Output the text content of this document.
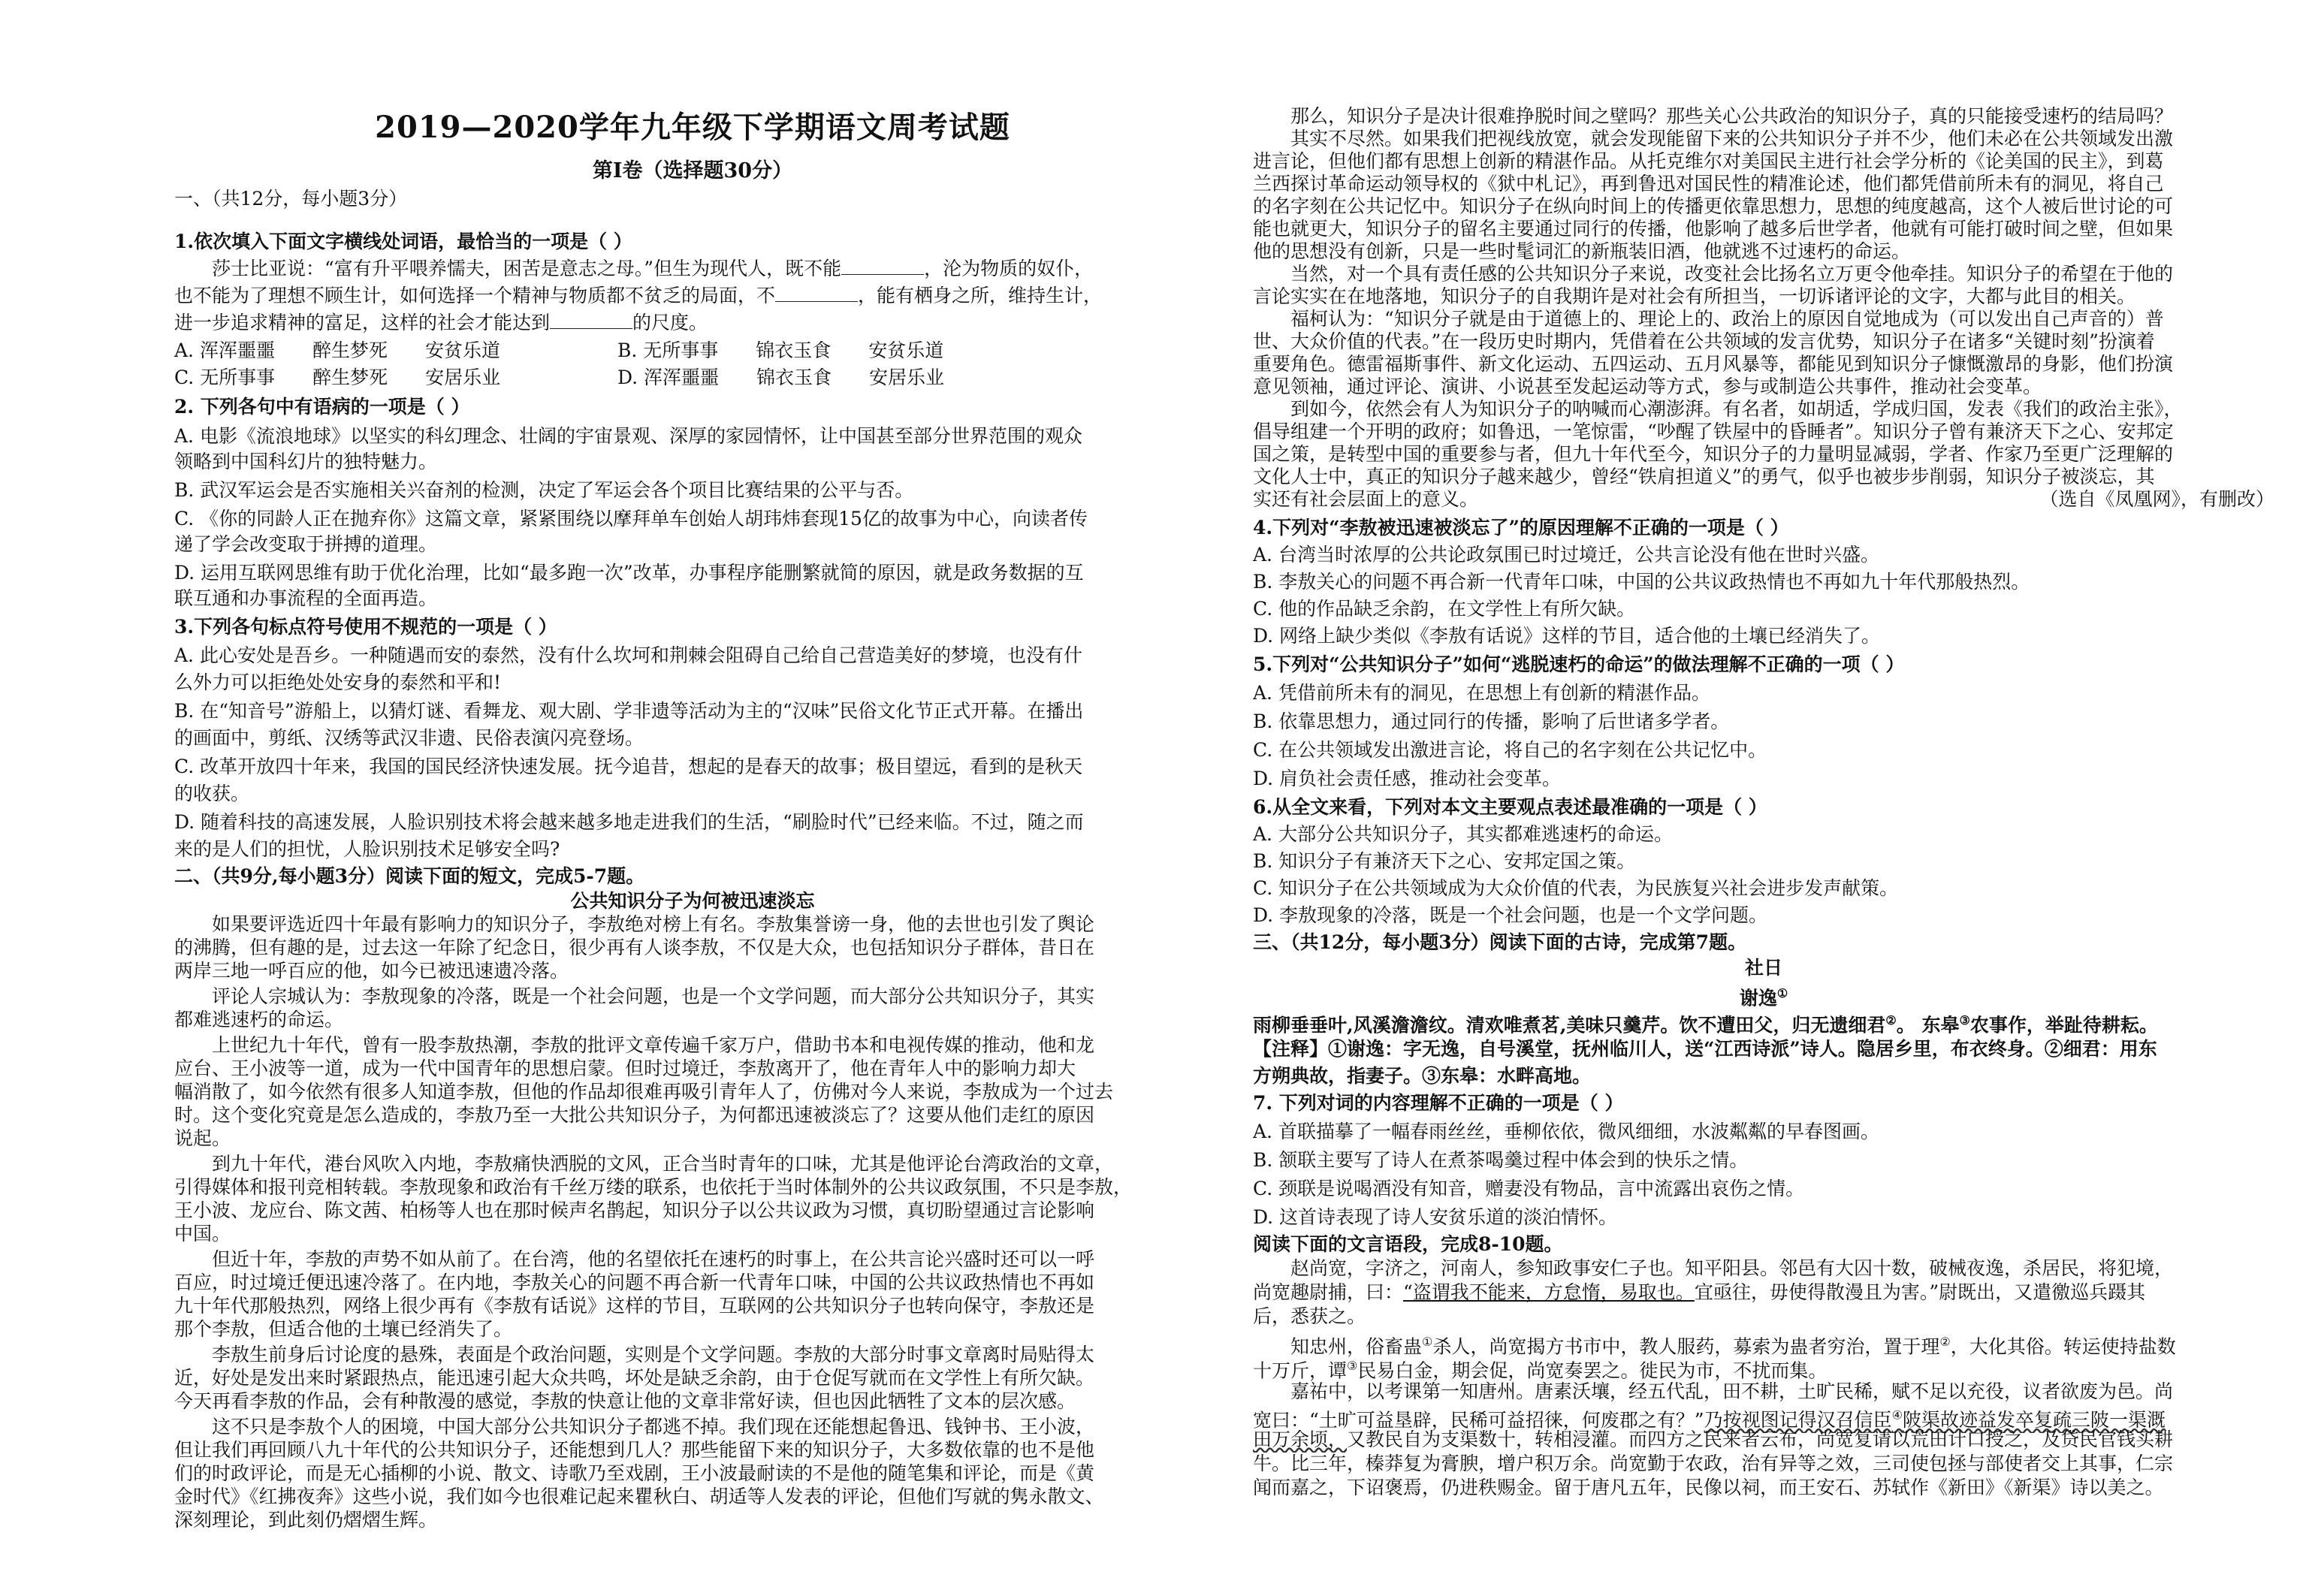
2019—2020学年九年级下学期语文周考试题
第Ⅰ卷（选择题30分）
一、（共12分，每小题3分）
1.依次填入下面文字横线处词语，最恰当的一项是（ ）
莎士比亚说：“富有升平喂养懦夫，困苦是意志之母。”但生为现代人，既不能	，沦为物质的奴仆，
也不能为了理想不顾生计，如何选择一个精神与物质都不贫乏的局面，不	，能有栖身之所，维持生计，
进一步追求精神的富足，这样的社会才能达到	的尺度。
A. 浑浑噩噩　　醉生梦死　　安贫乐道	B. 无所事事　　锦衣玉食　　安贫乐道
C. 无所事事　　醉生梦死　　安居乐业	D. 浑浑噩噩　　锦衣玉食　　安居乐业
2. 下列各句中有语病的一项是（ ）
A. 电影《流浪地球》以坚实的科幻理念、壮阔的宇宙景观、深厚的家园情怀，让中国甚至部分世界范围的观众
领略到中国科幻片的独特魅力。
B. 武汉军运会是否实施相关兴奋剂的检测，决定了军运会各个项目比赛结果的公平与否。
C. 《你的同龄人正在抛弃你》这篇文章，紧紧围绕以摩拜单车创始人胡玮炜套现15亿的故事为中心，向读者传
递了学会改变取于拼搏的道理。
D. 运用互联网思维有助于优化治理，比如“最多跑一次”改革，办事程序能删繁就简的原因，就是政务数据的互
联互通和办事流程的全面再造。
3.下列各句标点符号使用不规范的一项是（ ）
A. 此心安处是吾乡。一种随遇而安的泰然，没有什么坎坷和荆棘会阻碍自己给自己营造美好的梦境，也没有什
么外力可以拒绝处处安身的泰然和平和!
B. 在“知音号”游船上，以猜灯谜、看舞龙、观大剧、学非遗等活动为主的“汉味”民俗文化节正式开幕。在播出
的画面中，剪纸、汉绣等武汉非遗、民俗表演闪亮登场。
C. 改革开放四十年来，我国的国民经济快速发展。抚今追昔，想起的是春天的故事；极目望远，看到的是秋天
的收获。
D. 随着科技的高速发展，人脸识别技术将会越来越多地走进我们的生活，“刷脸时代”已经来临。不过，随之而
来的是人们的担忧，人脸识别技术足够安全吗?
二、（共9分,每小题3分）阅读下面的短文，完成5-7题。
公共知识分子为何被迅速淡忘
　　如果要评选近四十年最有影响力的知识分子，李敖绝对榜上有名。李敖集誉谤一身，他的去世也引发了舆论
的沸腾，但有趣的是，过去这一年除了纪念日，很少再有人谈李敖，不仅是大众，也包括知识分子群体，昔日在
两岸三地一呼百应的他，如今已被迅速遗冷落。
　　评论人宗城认为：李敖现象的冷落，既是一个社会问题，也是一个文学问题，而大部分公共知识分子，其实
都难逃速朽的命运。
　　上世纪九十年代，曾有一股李敖热潮，李敖的批评文章传遍千家万户，借助书本和电视传媒的推动，他和龙
应台、王小波等一道，成为一代中国青年的思想启蒙。但时过境迁，李敖离开了，他在青年人中的影响力却大
幅消散了，如今依然有很多人知道李敖，但他的作品却很难再吸引青年人了，仿佛对今人来说，李敖成为一个过去
时。这个变化究竟是怎么造成的，李敖乃至一大批公共知识分子，为何都迅速被淡忘了？这要从他们走红的原因
说起。
　　到九十年代，港台风吹入内地，李敖痛快洒脱的文风，正合当时青年的口味，尤其是他评论台湾政治的文章，
引得媒体和报刊竞相转载。李敖现象和政治有千丝万缕的联系，也依托于当时体制外的公共议政氛围，不只是李敖，
王小波、龙应台、陈文茜、柏杨等人也在那时候声名鹊起，知识分子以公共议政为习惯，真切盼望通过言论影响
中国。
　　但近十年，李敖的声势不如从前了。在台湾，他的名望依托在速朽的时事上，在公共言论兴盛时还可以一呼
百应，时过境迁便迅速冷落了。在内地，李敖关心的问题不再合新一代青年口味，中国的公共议政热情也不再如
九十年代那般热烈，网络上很少再有《李敖有话说》这样的节目，互联网的公共知识分子也转向保守，李敖还是
那个李敖，但适合他的土壤已经消失了。
　　李敖生前身后讨论度的悬殊，表面是个政治问题，实则是个文学问题。李敖的大部分时事文章离时局贴得太
近，好处是发出来时紧跟热点，能迅速引起大众共鸣，坏处是缺乏余韵，由于仓促写就而在文学性上有所欠缺。
今天再看李敖的作品，会有种散漫的感觉，李敖的快意让他的文章非常好读，但也因此牺牲了文本的层次感。
　　这不只是李敖个人的困境，中国大部分公共知识分子都逃不掉。我们现在还能想起鲁迅、钱钟书、王小波，
但让我们再回顾八九十年代的公共知识分子，还能想到几人？那些能留下来的知识分子，大多数依靠的也不是他
们的时政评论，而是无心插柳的小说、散文、诗歌乃至戏剧，王小波最耐读的不是他的随笔集和评论，而是《黄
金时代》《红拂夜奔》这些小说，我们如今也很难记起来瞿秋白、胡适等人发表的评论，但他们写就的隽永散文、
深刻理论，到此刻仍熠熠生辉。
　　那么，知识分子是决计很难挣脱时间之壁吗？那些关心公共政治的知识分子，真的只能接受速朽的结局吗？
　　其实不尽然。如果我们把视线放宽，就会发现能留下来的公共知识分子并不少，他们未必在公共领域发出激
进言论，但他们都有思想上创新的精湛作品。从托克维尔对美国民主进行社会学分析的《论美国的民主》，到葛
兰西探讨革命运动领导权的《狱中札记》，再到鲁迅对国民性的精准论述，他们都凭借前所未有的洞见，将自己
的名字刻在公共记忆中。知识分子在纵向时间上的传播更依靠思想力，思想的纯度越高，这个人被后世讨论的可
能也就更大，知识分子的留名主要通过同行的传播，他影响了越多后世学者，他就有可能打破时间之壁，但如果
他的思想没有创新，只是一些时髦词汇的新瓶装旧酒，他就逃不过速朽的命运。
　　当然，对一个具有责任感的公共知识分子来说，改变社会比扬名立万更令他牵挂。知识分子的希望在于他的
言论实实在在地落地，知识分子的自我期许是对社会有所担当，一切诉诸评论的文字，大都与此目的相关。
　　福柯认为：“知识分子就是由于道德上的、理论上的、政治上的原因自觉地成为（可以发出自己声音的）普
世、大众价值的代表。”在一段历史时期内，凭借着在公共领域的发言优势，知识分子在诸多“关键时刻”扮演着
重要角色。德雷福斯事件、新文化运动、五四运动、五月风暴等，都能见到知识分子慷慨激昂的身影，他们扮演
意见领袖，通过评论、演讲、小说甚至发起运动等方式，参与或制造公共事件，推动社会变革。
　　到如今，依然会有人为知识分子的呐喊而心潮澎湃。有名者，如胡适，学成归国，发表《我们的政治主张》，
倡导组建一个开明的政府；如鲁迅，一笔惊雷，“吵醒了铁屋中的昏睡者”。知识分子曾有兼济天下之心、安邦定
国之策，是转型中国的重要参与者，但九十年代至今，知识分子的力量明显减弱，学者、作家乃至更广泛理解的
文化人士中，真正的知识分子越来越少，曾经“铁肩担道义”的勇气，似乎也被步步削弱，知识分子被淡忘，其
实还有社会层面上的意义。	（选自《凤凰网》，有删改）
4.下列对“李敖被迅速被淡忘了”的原因理解不正确的一项是（ ）
A. 台湾当时浓厚的公共论政氛围已时过境迁，公共言论没有他在世时兴盛。
B. 李敖关心的问题不再合新一代青年口味，中国的公共议政热情也不再如九十年代那般热烈。
C. 他的作品缺乏余韵，在文学性上有所欠缺。
D. 网络上缺少类似《李敖有话说》这样的节目，适合他的土壤已经消失了。
5.下列对“公共知识分子”如何“逃脱速朽的命运”的做法理解不正确的一项（ ）
A. 凭借前所未有的洞见，在思想上有创新的精湛作品。
B. 依靠思想力，通过同行的传播，影响了后世诸多学者。
C. 在公共领域发出激进言论，将自己的名字刻在公共记忆中。
D. 肩负社会责任感，推动社会变革。
6.从全文来看，下列对本文主要观点表述最准确的一项是（ ）
A. 大部分公共知识分子，其实都难逃速朽的命运。
B. 知识分子有兼济天下之心、安邦定国之策。
C. 知识分子在公共领域成为大众价值的代表，为民族复兴社会进步发声献策。
D. 李敖现象的冷落，既是一个社会问题，也是一个文学问题。
三、（共12分，每小题3分）阅读下面的古诗，完成第7题。
社日
谢逸①
雨柳垂垂叶,风溪澹澹纹。清欢唯煮茗,美味只羹芹。饮不遭田父，归无遗细君②。 东皋③农事作，举趾待耕耘。
【注释】①谢逸：字无逸，自号溪堂，抚州临川人，送“江西诗派”诗人。隐居乡里，布衣终身。②细君：用东
方朔典故，指妻子。③东皋：水畔高地。
7. 下列对词的内容理解不正确的一项是（ ）
A. 首联描摹了一幅春雨丝丝，垂柳依依，微风细细，水波粼粼的早春图画。
B. 颔联主要写了诗人在煮茶喝羹过程中体会到的快乐之情。
C. 颈联是说喝酒没有知音，赠妻没有物品，言中流露出哀伤之情。
D. 这首诗表现了诗人安贫乐道的淡泊情怀。
阅读下面的文言语段，完成8-10题。
　　赵尚宽，字济之，河南人，参知政事安仁子也。知平阳县。邻邑有大囚十数，破械夜逸，杀居民，将犯境，
尚宽趣尉捕，曰：“盗谓我不能来，方怠惰，易取也。宜亟往，毋使得散漫且为害。”尉既出，又遣徼巡兵蹑其
后，悉获之。
　　知忠州，俗畜蛊①杀人，尚宽揭方书市中，教人服药，募索为蛊者穷治，置于理②，大化其俗。转运使持盐数
十万斤，谭③民易白金，期会促，尚宽奏罢之。徙民为市，不扰而集。
　　嘉祐中，以考课第一知唐州。唐素沃壤，经五代乱，田不耕，土旷民稀，赋不足以充役，议者欲废为邑。尚
宽曰：“土旷可益垦辟，民稀可益招徕，何废郡之有？”乃按视图记得汉召信臣④陂渠故迹益发卒复疏三陂一渠溉
田万余顷，又教民自为支渠数十，转相浸灌。而四方之民来者云布，尚宽复请以荒田计口授之，及贷民官钱买耕
牛。比三年，榛莽复为膏腴，增户积万余。尚宽勤于农政，治有异等之效，三司使包拯与部使者交上其事，仁宗
闻而嘉之，下诏褒焉，仍进秩赐金。留于唐凡五年，民像以祠，而王安石、苏轼作《新田》《新渠》诗以美之。
